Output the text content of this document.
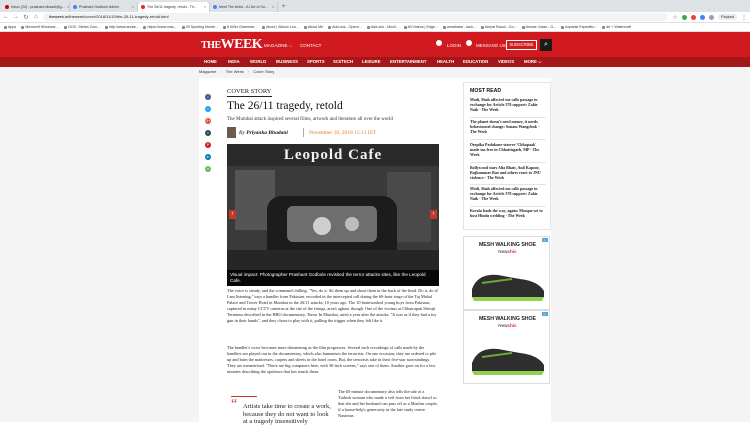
Inbox (24) - prashant.dbasdi@g... ×	Prashant Godbole Admin	×	The 26/11 tragedy, retold - Th... ×	Meet The Artist - A l Art of Su... ×	+
← → ↻ ⌂	theweek.in/theweek/cover/2018/11/10/the-26-11-tragedy-retold.html	☆	Paused	⋮
Apps	Microsoft Windows ...	DOC: Stefan Zum...	http://www.areas...	https://www.mas...	29 Sporting Monte...	8 Killer Grammar...	About | Allison Lon...	About Me	Add-ons - Opera...	Add-ons - Mozil...	All Videos | Edge...	amarkatra - lash...	Ampal Raoot - Go...	Amuse Josse - G...	Aquarist Expeditio...	art + Watercraft
THEWEEK MAGAZINE ⌵ CONTACT	LOGIN	MESSAGE US SUBSCRIBE	⌕
HOME	INDIA WORLD BUSINESS SPORTS SCI/TECH LEISURE ENTERTAINMENT HEALTH EDUCATION VIDEOS MORE ⌵
Magazine › The Week › Cover Story
f
t
G+
t
P
in
✉
COVER STORY
The 26/11 tragedy, retold
The Mumbai attack inspired several films, artwork and literature all over the world
By Priyanka Bhadani	November 10, 2018 15:11 IST
Leopold Cafe
‹	›
Visual impact: Photographer Prashant Godbole revisited the terror attacks sites, like the Leopold Cafe.

The voice is steady, and the command chilling. "Yes, do it. Sit them up and shoot them in the back of the head. Do it, do it! I am listening," says a handler from Pakistan, recorded in the intercepted call during the 60-hour siege of the Taj Mahal Palace and Tower Hotel in Mumbai in the 26/11 attacks, 10 years ago. The 10 brainwashed young boys from Pakistan, captured in many CCTV cameras at the site of the firings, aren't aghast, though. One of the victims at Chhatrapati Shivaji Terminus described in the HBO documentary, Terror In Mumbai, aired a year after the attacks: "It was as if they had a toy gun in their hands", and they chose to play with it, pulling the trigger when they felt like it.

The handler's voice becomes more threatening as the film progresses. Several such recordings of calls made by the handlers are played out in the documentary, which also humanises the terrorists. On one occasion, they are ordered to pile up and burn the mattresses, carpets and sheets in the hotel room. But, the terrorists take in their five-star surroundings. They are mesmerised. "There are big computers here, with 30-inch screens," says one of them. Another goes on for a few minutes describing the opulence that has struck them.

“ Artists take time to create a work, because they do not want to look at a tragedy insensitively

The 65-minute documentary also tells the tale of a Turkish woman who made a veil from her black shawl so that she and her husband can pass off as a Muslim couple, if a house-help's generosity in the late study centre. Naximus

MOST READ
Modi, Shah affected me calls passage in exchange for Article 370 support: Zakir Naik - The Week
The planet doesn't need money, it needs behavioural change: Sonam Wangchuk - The Week
Deepika Padukone-starrer 'Chhapaak' made tax free in Chhattisgarh, MP - The Week
Bollywood stars Alia Bhatt, Anil Kapoor, Rajkummar Rao and others react to JNU violence - The Week
Modi, Shah affected me calls passage in exchange for Article 370 support: Zakir Naik - The Week
Kerala leads the way, again: Mosque set to host Hindu wedding - The Week
▷
MESH WALKING SHOE
Newchic
▷
MESH WALKING SHOE
Newchic
